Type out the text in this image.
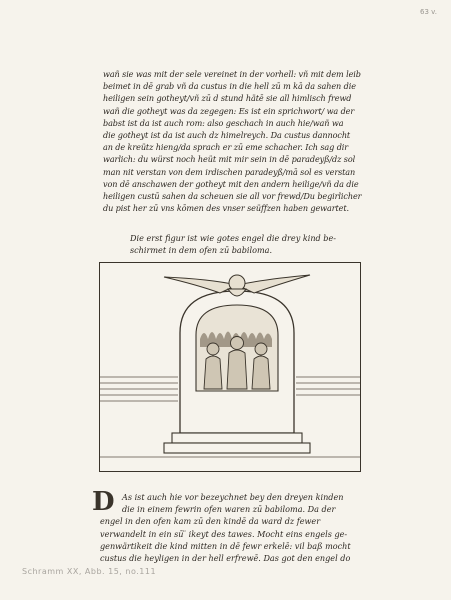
63 v.
wañ sie was mit der sele vereinet in der vorhell: vñ mit dem leib
beimet in dē grab vñ da custus in die hell zū m kā da sahen die
heiligen sein gotheyt/vñ zū d stund hätē sie all himlisch frewd
wañ die gotheyt was da zegegen: Es ist ein sprichwort/ wa der
babst ist da ist auch rom: also geschach in auch hie/wañ wa
die gotheyt ist da ist auch dz himelreych. Da custus dannocht
an de kreütz hieng/da sprach er zū eme schacher. Ich sag dir
warlich: du würst noch heüt mit mir sein in dē paradeyß/dz sol
man nit verstan von dem irdischen paradeyß/mā sol es verstan
von dē anschawen der gotheyt mit den andern heilige/vñ da die
heiligen custū sahen da scheuen sie all vor frewd/Du begirlicher
du pist her zū vns kōmen des vnser seüffzen haben gewartet.
Die erst figur ist wie gotes engel die drey kind be-
schirmet in dem ofen zū babiloma.
D As ist auch hie vor bezeychnet bey den dreyen kinden
die in einem fewrin ofen waren zū babiloma. Da der
engel in den ofen kam zū den kindē da ward dz fewer
verwandelt in ein sū ̈ ikeyt des tawes. Mocht eins engels ge-
genwärtikeit die kind mitten in dē fewr erkelē: vil baß mocht
custus die heyligen in der hell erfrewē. Das got den engel do
Schramm XX, Abb. 15, no.111
